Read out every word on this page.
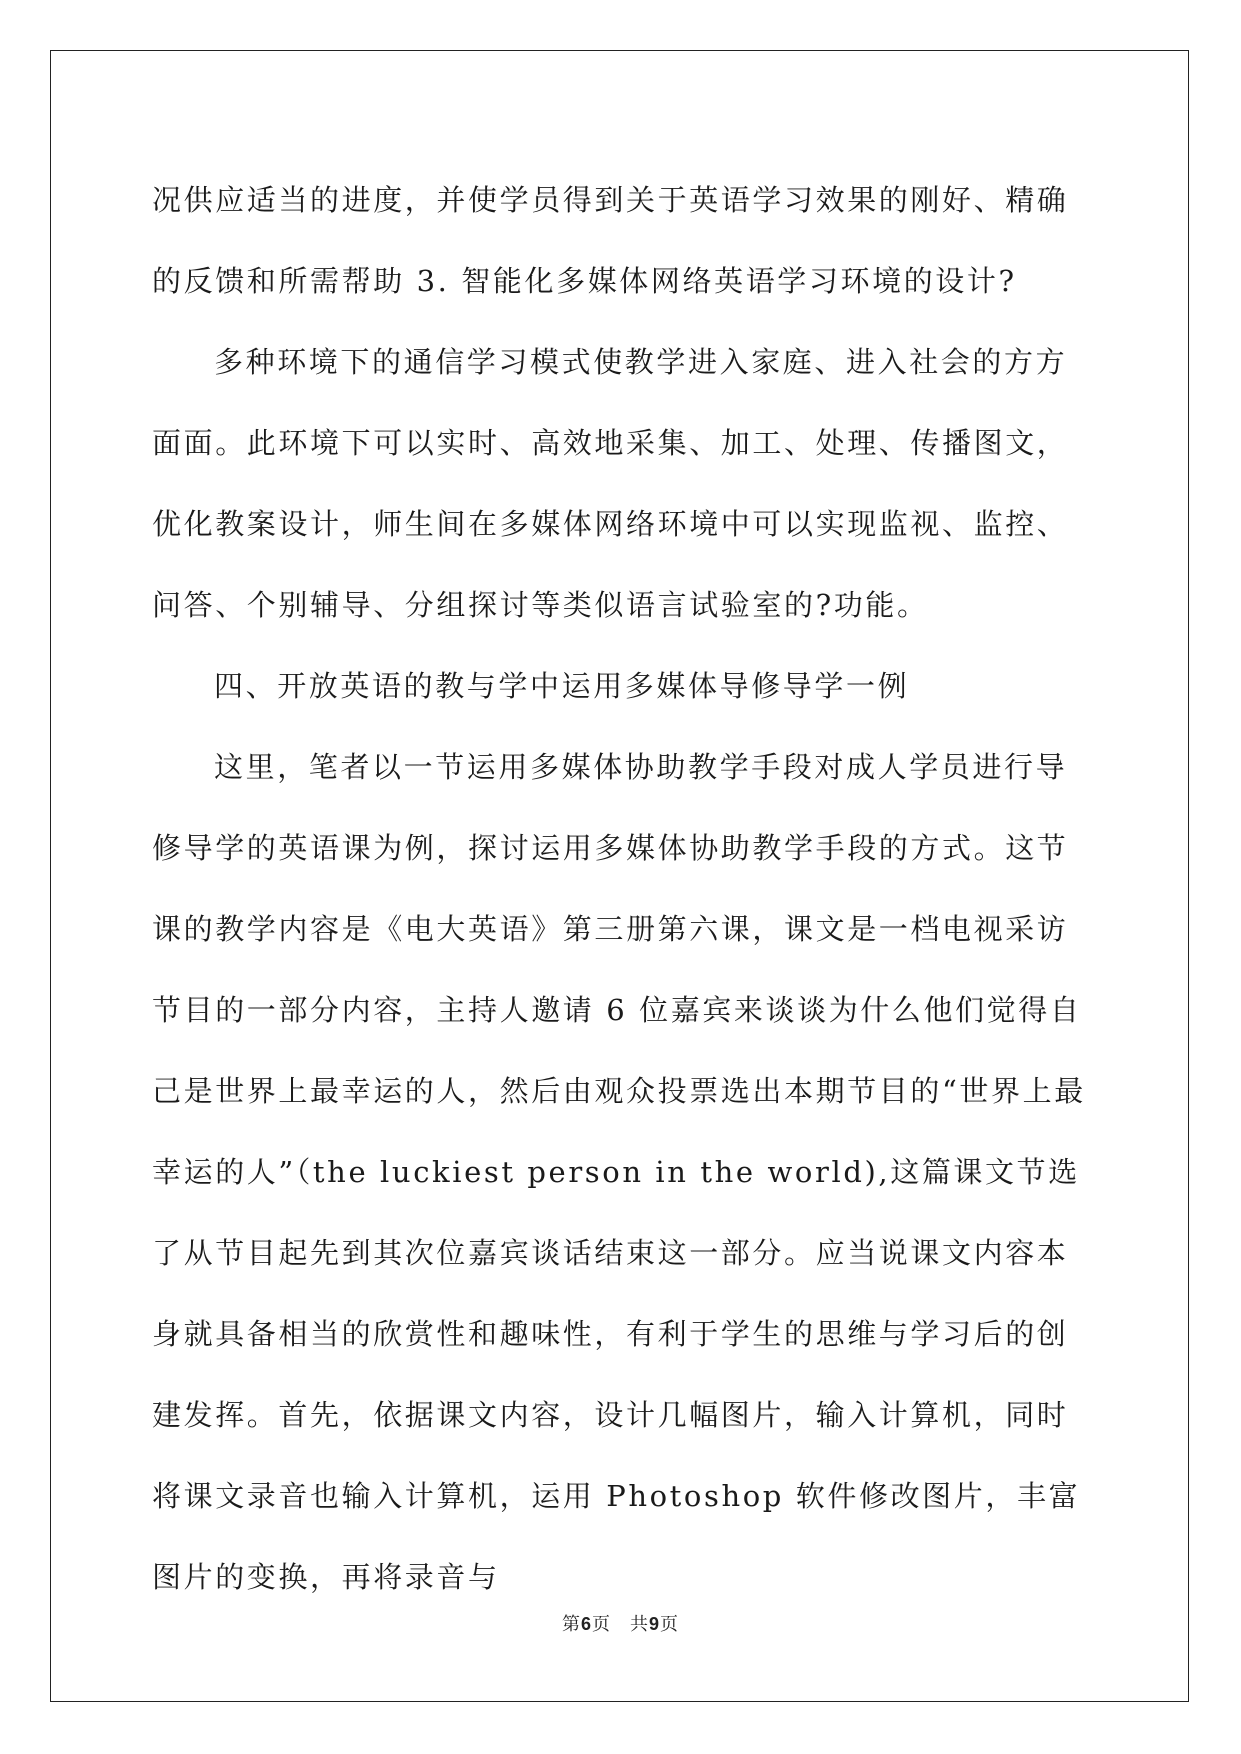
况供应适当的进度，并使学员得到关于英语学习效果的刚好、精确的反馈和所需帮助 3. 智能化多媒体网络英语学习环境的设计?

多种环境下的通信学习模式使教学进入家庭、进入社会的方方面面。此环境下可以实时、高效地采集、加工、处理、传播图文，优化教案设计，师生间在多媒体网络环境中可以实现监视、监控、问答、个别辅导、分组探讨等类似语言试验室的?功能。

四、开放英语的教与学中运用多媒体导修导学一例

这里，笔者以一节运用多媒体协助教学手段对成人学员进行导修导学的英语课为例，探讨运用多媒体协助教学手段的方式。这节课的教学内容是《电大英语》第三册第六课，课文是一档电视采访节目的一部分内容，主持人邀请 6 位嘉宾来谈谈为什么他们觉得自己是世界上最幸运的人，然后由观众投票选出本期节目的“世界上最幸运的人”（the luckiest person in the world),这篇课文节选了从节目起先到其次位嘉宾谈话结束这一部分。应当说课文内容本身就具备相当的欣赏性和趣味性，有利于学生的思维与学习后的创建发挥。首先，依据课文内容，设计几幅图片，输入计算机，同时将课文录音也输入计算机，运用 Photoshop 软件修改图片，丰富图片的变换，再将录音与

第6页　共9页
